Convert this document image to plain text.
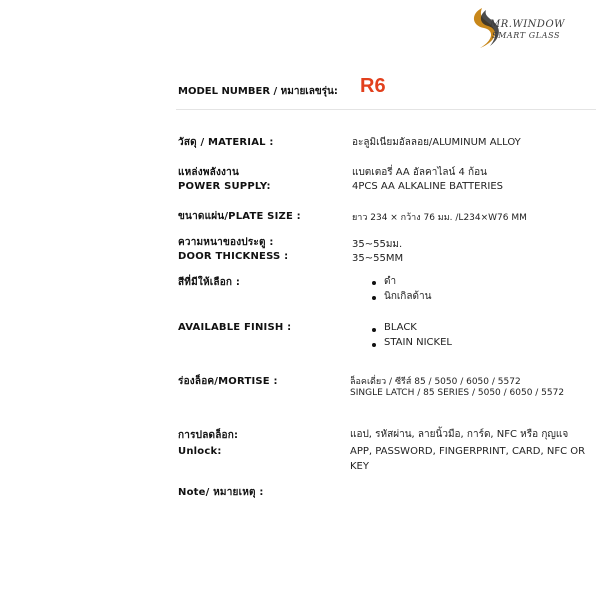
MR.WINDOW
SMART GLASS
MODEL NUMBER / หมายเลขรุ่น: R6
วัสดุ / MATERIAL :	อะลูมิเนียมอัลลอย/ALUMINUM ALLOY
แหล่งพลังงาน
POWER SUPPLY:
แบตเตอรี่ AA อัลคาไลน์ 4 ก้อน
4PCS AA ALKALINE BATTERIES
ขนาดแผ่น/PLATE SIZE :	ยาว 234 × กว้าง 76 มม. /L234×W76 MM
ความหนาของประตู :
DOOR THICKNESS :
35~55มม.
35~55MM
สีที่มีให้เลือก :	ดำ
นิกเกิลด้าน
AVAILABLE FINISH :	BLACK
STAIN NICKEL
ร่องล็อค/MORTISE :	ล็อคเดี่ยว / ซีรีส์ 85 / 5050 / 6050 / 5572
SINGLE LATCH / 85 SERIES / 5050 / 6050 / 5572
การปลดล็อก:
Unlock:
แอป, รหัสผ่าน, ลายนิ้วมือ, การ์ด, NFC หรือ กุญแจ
APP, PASSWORD, FINGERPRINT, CARD, NFC OR
KEY
Note/ หมายเหตุ :
